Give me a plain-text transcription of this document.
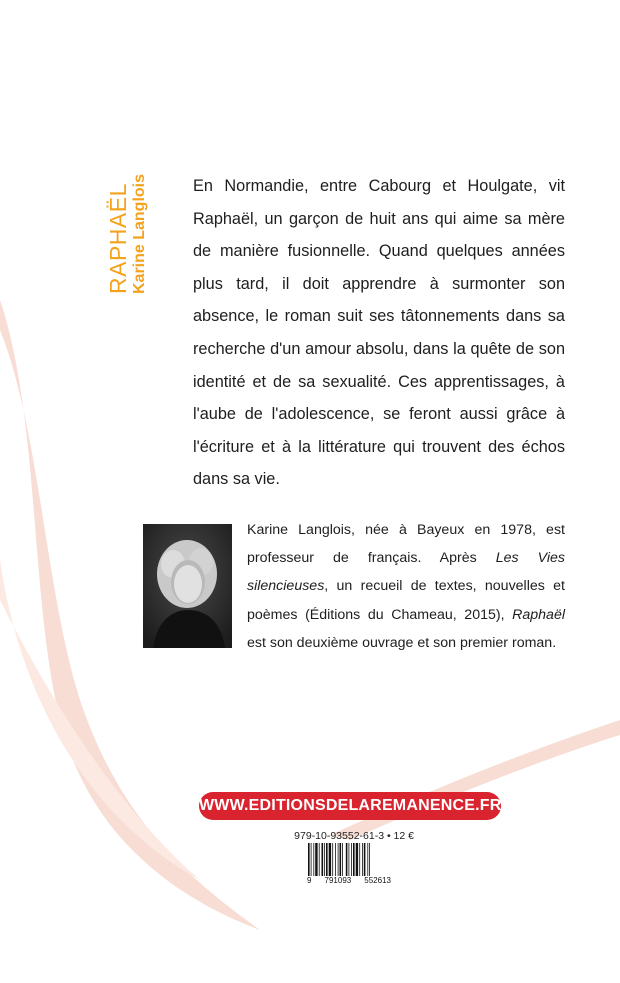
RAPHAËL Karine Langlois	En Normandie, entre Cabourg et Houlgate, vit Raphaël, un garçon de huit ans qui aime sa mère de manière fusionnelle. Quand quelques années plus tard, il doit apprendre à surmonter son absence, le roman suit ses tâtonnements dans sa recherche d'un amour absolu, dans la quête de son identité et de sa sexualité. Ces apprentissages, à l'aube de l'adolescence, se feront aussi grâce à l'écriture et à la littérature qui trouvent des échos dans sa vie.

Karine Langlois, née à Bayeux en 1978, est professeur de français. Après Les Vies silencieuses, un recueil de textes, nouvelles et poèmes (Éditions du Chameau, 2015), Raphaël est son deuxième ouvrage et son premier roman.

WWW.EDITIONSDELAREMANENCE.FR
979-10-93552-61-3 • 12 €
9 791093 552613
